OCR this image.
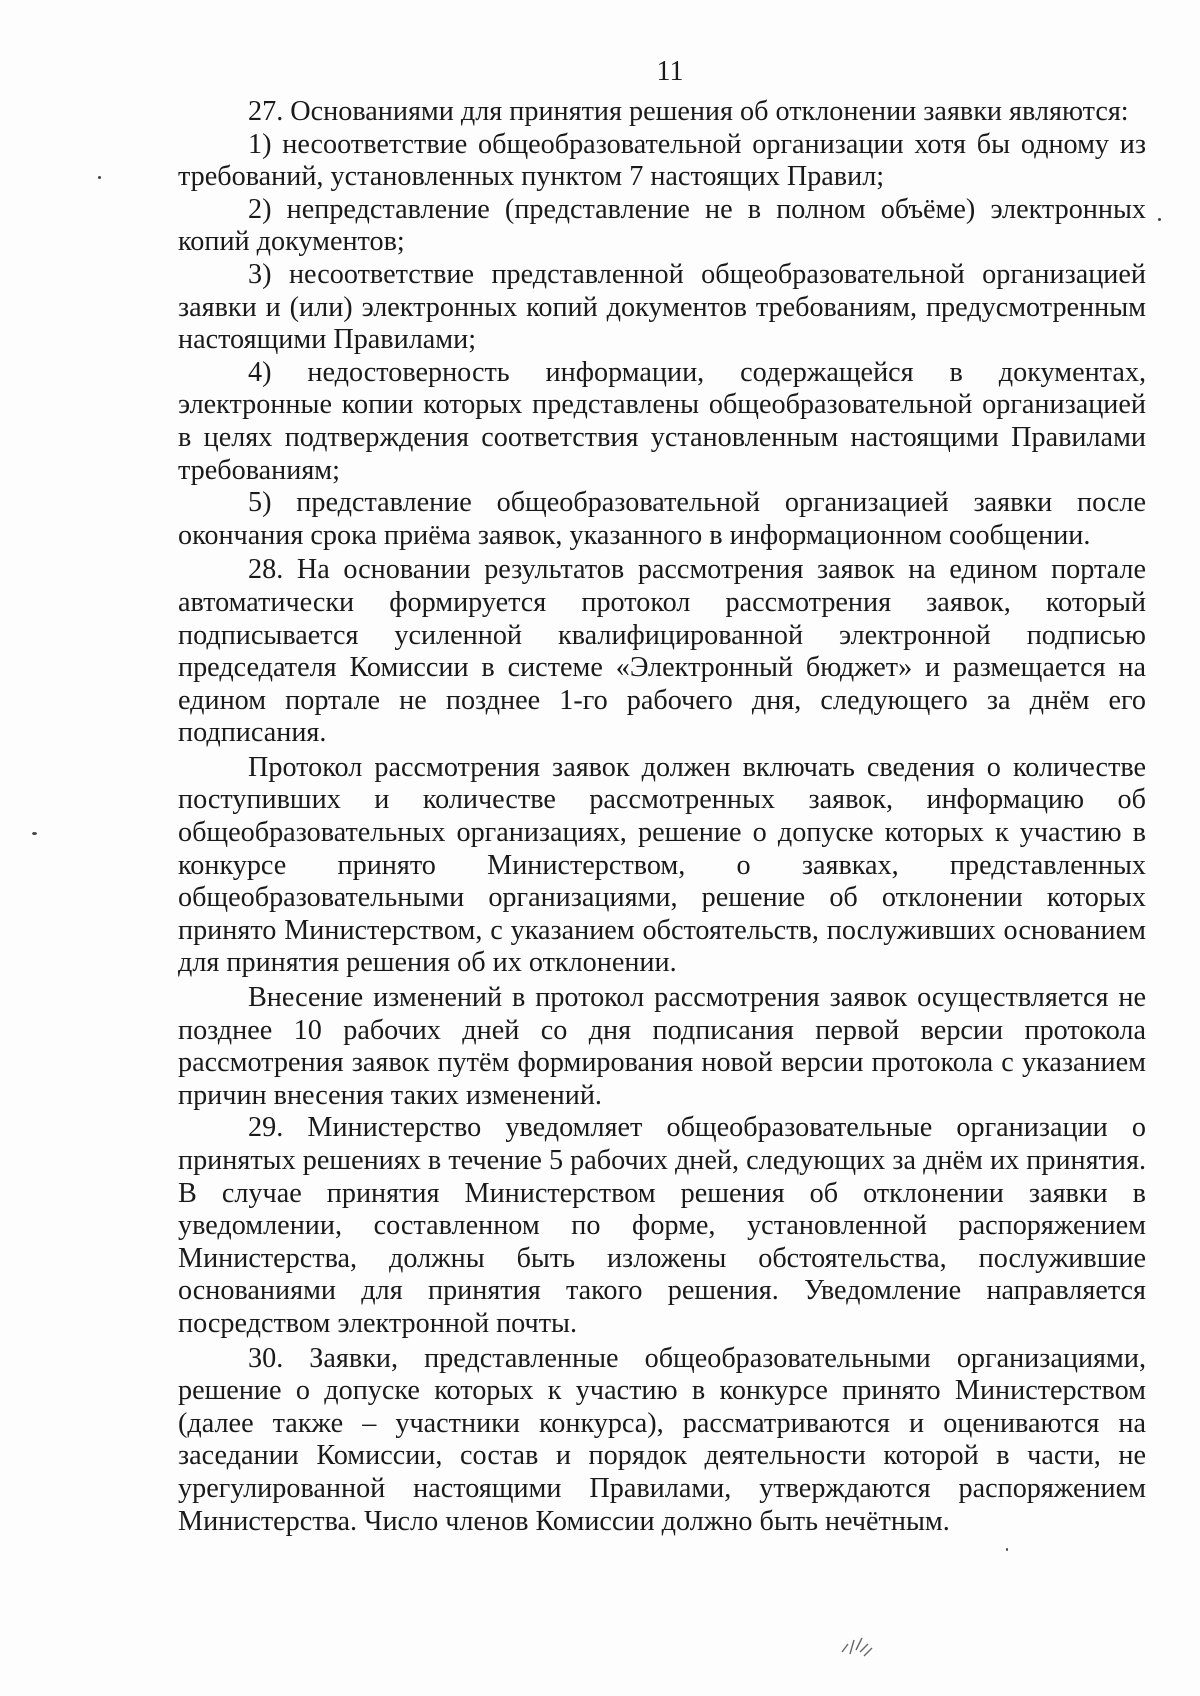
11

27. Основаниями для принятия решения об отклонении заявки являются:

1) несоответствие общеобразовательной организации хотя бы одному из требований, установленных пунктом 7 настоящих Правил;

2) непредставление (представление не в полном объёме) электронных копий документов;

3) несоответствие представленной общеобразовательной организацией заявки и (или) электронных копий документов требованиям, предусмотренным настоящими Правилами;

4) недостоверность информации, содержащейся в документах, электронные копии которых представлены общеобразовательной организацией в целях подтверждения соответствия установленным настоящими Правилами требованиям;

5) представление общеобразовательной организацией заявки после окончания срока приёма заявок, указанного в информационном сообщении.

28. На основании результатов рассмотрения заявок на едином портале автоматически формируется протокол рассмотрения заявок, который подписывается усиленной квалифицированной электронной подписью председателя Комиссии в системе «Электронный бюджет» и размещается на едином портале не позднее 1-го рабочего дня, следующего за днём его подписания.

Протокол рассмотрения заявок должен включать сведения о количестве поступивших и количестве рассмотренных заявок, информацию об общеобразовательных организациях, решение о допуске которых к участию в конкурсе принято Министерством, о заявках, представленных общеобразовательными организациями, решение об отклонении которых принято Министерством, с указанием обстоятельств, послуживших основанием для принятия решения об их отклонении.

Внесение изменений в протокол рассмотрения заявок осуществляется не позднее 10 рабочих дней со дня подписания первой версии протокола рассмотрения заявок путём формирования новой версии протокола с указанием причин внесения таких изменений.

29. Министерство уведомляет общеобразовательные организации о принятых решениях в течение 5 рабочих дней, следующих за днём их принятия. В случае принятия Министерством решения об отклонении заявки в уведомлении, составленном по форме, установленной распоряжением Министерства, должны быть изложены обстоятельства, послужившие основаниями для принятия такого решения. Уведомление направляется посредством электронной почты.

30. Заявки, представленные общеобразовательными организациями, решение о допуске которых к участию в конкурсе принято Министерством (далее также – участники конкурса), рассматриваются и оцениваются на заседании Комиссии, состав и порядок деятельности которой в части, не урегулированной настоящими Правилами, утверждаются распоряжением Министерства. Число членов Комиссии должно быть нечётным.
